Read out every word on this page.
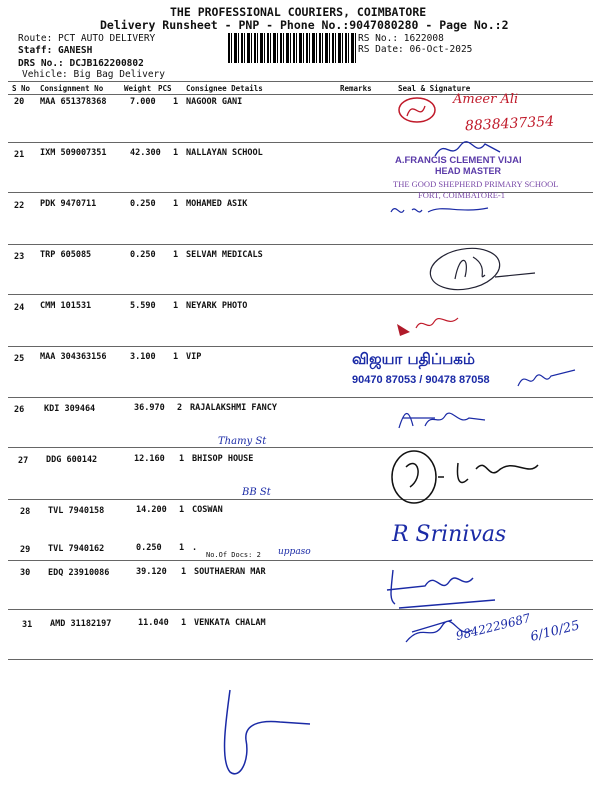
THE PROFESSIONAL COURIERS, COIMBATORE
Delivery Runsheet - PNP - Phone No.:9047080280 - Page No.:2
Route: PCT AUTO DELIVERY
Staff: GANESH
DRS No.: DCJB162200802
Vehicle: Big Bag Delivery
RS No.: 1622008
RS Date: 06-Oct-2025
S No Consignment No	Weight PCS Consignee Details	Remarks	Seal & Signature
20 MAA 651378368	7.000 1 NAGOOR GANI
21 IXM 509007351	42.300 1 NALLAYAN SCHOOL
22 PDK 9470711	0.250 1 MOHAMED ASIK
23 TRP 605085	0.250 1 SELVAM MEDICALS
24 CMM 101531	5.590 1 NEYARK PHOTO
25 MAA 304363156	3.100 1 VIP
26 KDI 309464	36.970 2 RAJALAKSHMI FANCY
27 DDG 600142	12.160 1 BHISOP HOUSE
28 TVL 7940158	14.200 1 COSWAN
29 TVL 7940162	0.250 1 .
No.Of Docs: 2
30 EDQ 23910086	39.120 1 SOUTHAERAN MAR
31 AMD 31182197	11.040 1 VENKATA CHALAM
Ameer Ali
8838437354
A.FRANCIS CLEMENT VIJAI
HEAD MASTER
THE GOOD SHEPHERD PRIMARY SCHOOL
FORT, COIMBATORE-1
விஜயா பதிப்பகம்
90470 87053 / 90478 87058
Thamy St
BB St
uppaso
R Srinivas
9842229687
6/10/25
